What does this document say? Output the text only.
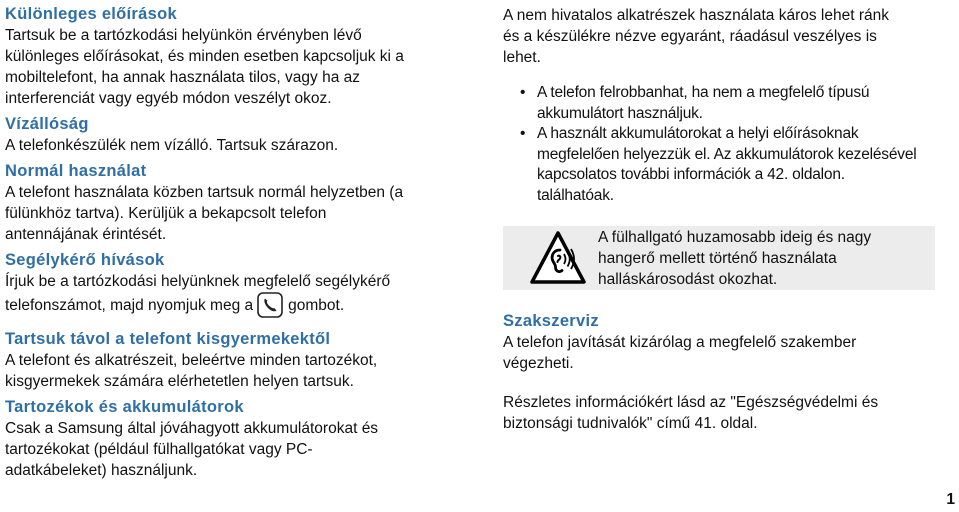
Különleges előírások

Tartsuk be a tartózkodási helyünkön érvényben lévő
különleges előírásokat, és minden esetben kapcsoljuk ki a
mobiltelefont, ha annak használata tilos, vagy ha az
interferenciát vagy egyéb módon veszélyt okoz.

Vízállóság

A telefonkészülék nem vízálló. Tartsuk szárazon.

Normál használat

A telefont használata közben tartsuk normál helyzetben (a
fülünkhöz tartva). Kerüljük a bekapcsolt telefon
antennájának érintését.

Segélykérő hívások

Írjuk be a tartózkodási helyünknek megfelelő segélykérő
telefonszámot, majd nyomjuk meg a gombot.

Tartsuk távol a telefont kisgyermekektől

A telefont és alkatrészeit, beleértve minden tartozékot,
kisgyermekek számára elérhetetlen helyen tartsuk.

Tartozékok és akkumulátorok

Csak a Samsung által jóváhagyott akkumulátorokat és
tartozékokat (például fülhallgatókat vagy PC-
adatkábeleket) használjunk.

A nem hivatalos alkatrészek használata káros lehet ránk
és a készülékre nézve egyaránt, ráadásul veszélyes is
lehet.

• A telefon felrobbanhat, ha nem a megfelelő típusú
akkumulátort használjuk.
• A használt akkumulátorokat a helyi előírásoknak
megfelelően helyezzük el. Az akkumulátorok kezelésével
kapcsolatos további információk a 42. oldalon.
találhatóak.

A fülhallgató huzamosabb ideig és nagy
hangerő mellett történő használata
halláskárosodást okozhat.

Szakszerviz

A telefon javítását kizárólag a megfelelő szakember
végezheti.

Részletes információkért lásd az "Egészségvédelmi és
biztonsági tudnivalók" című 41. oldal.

1
